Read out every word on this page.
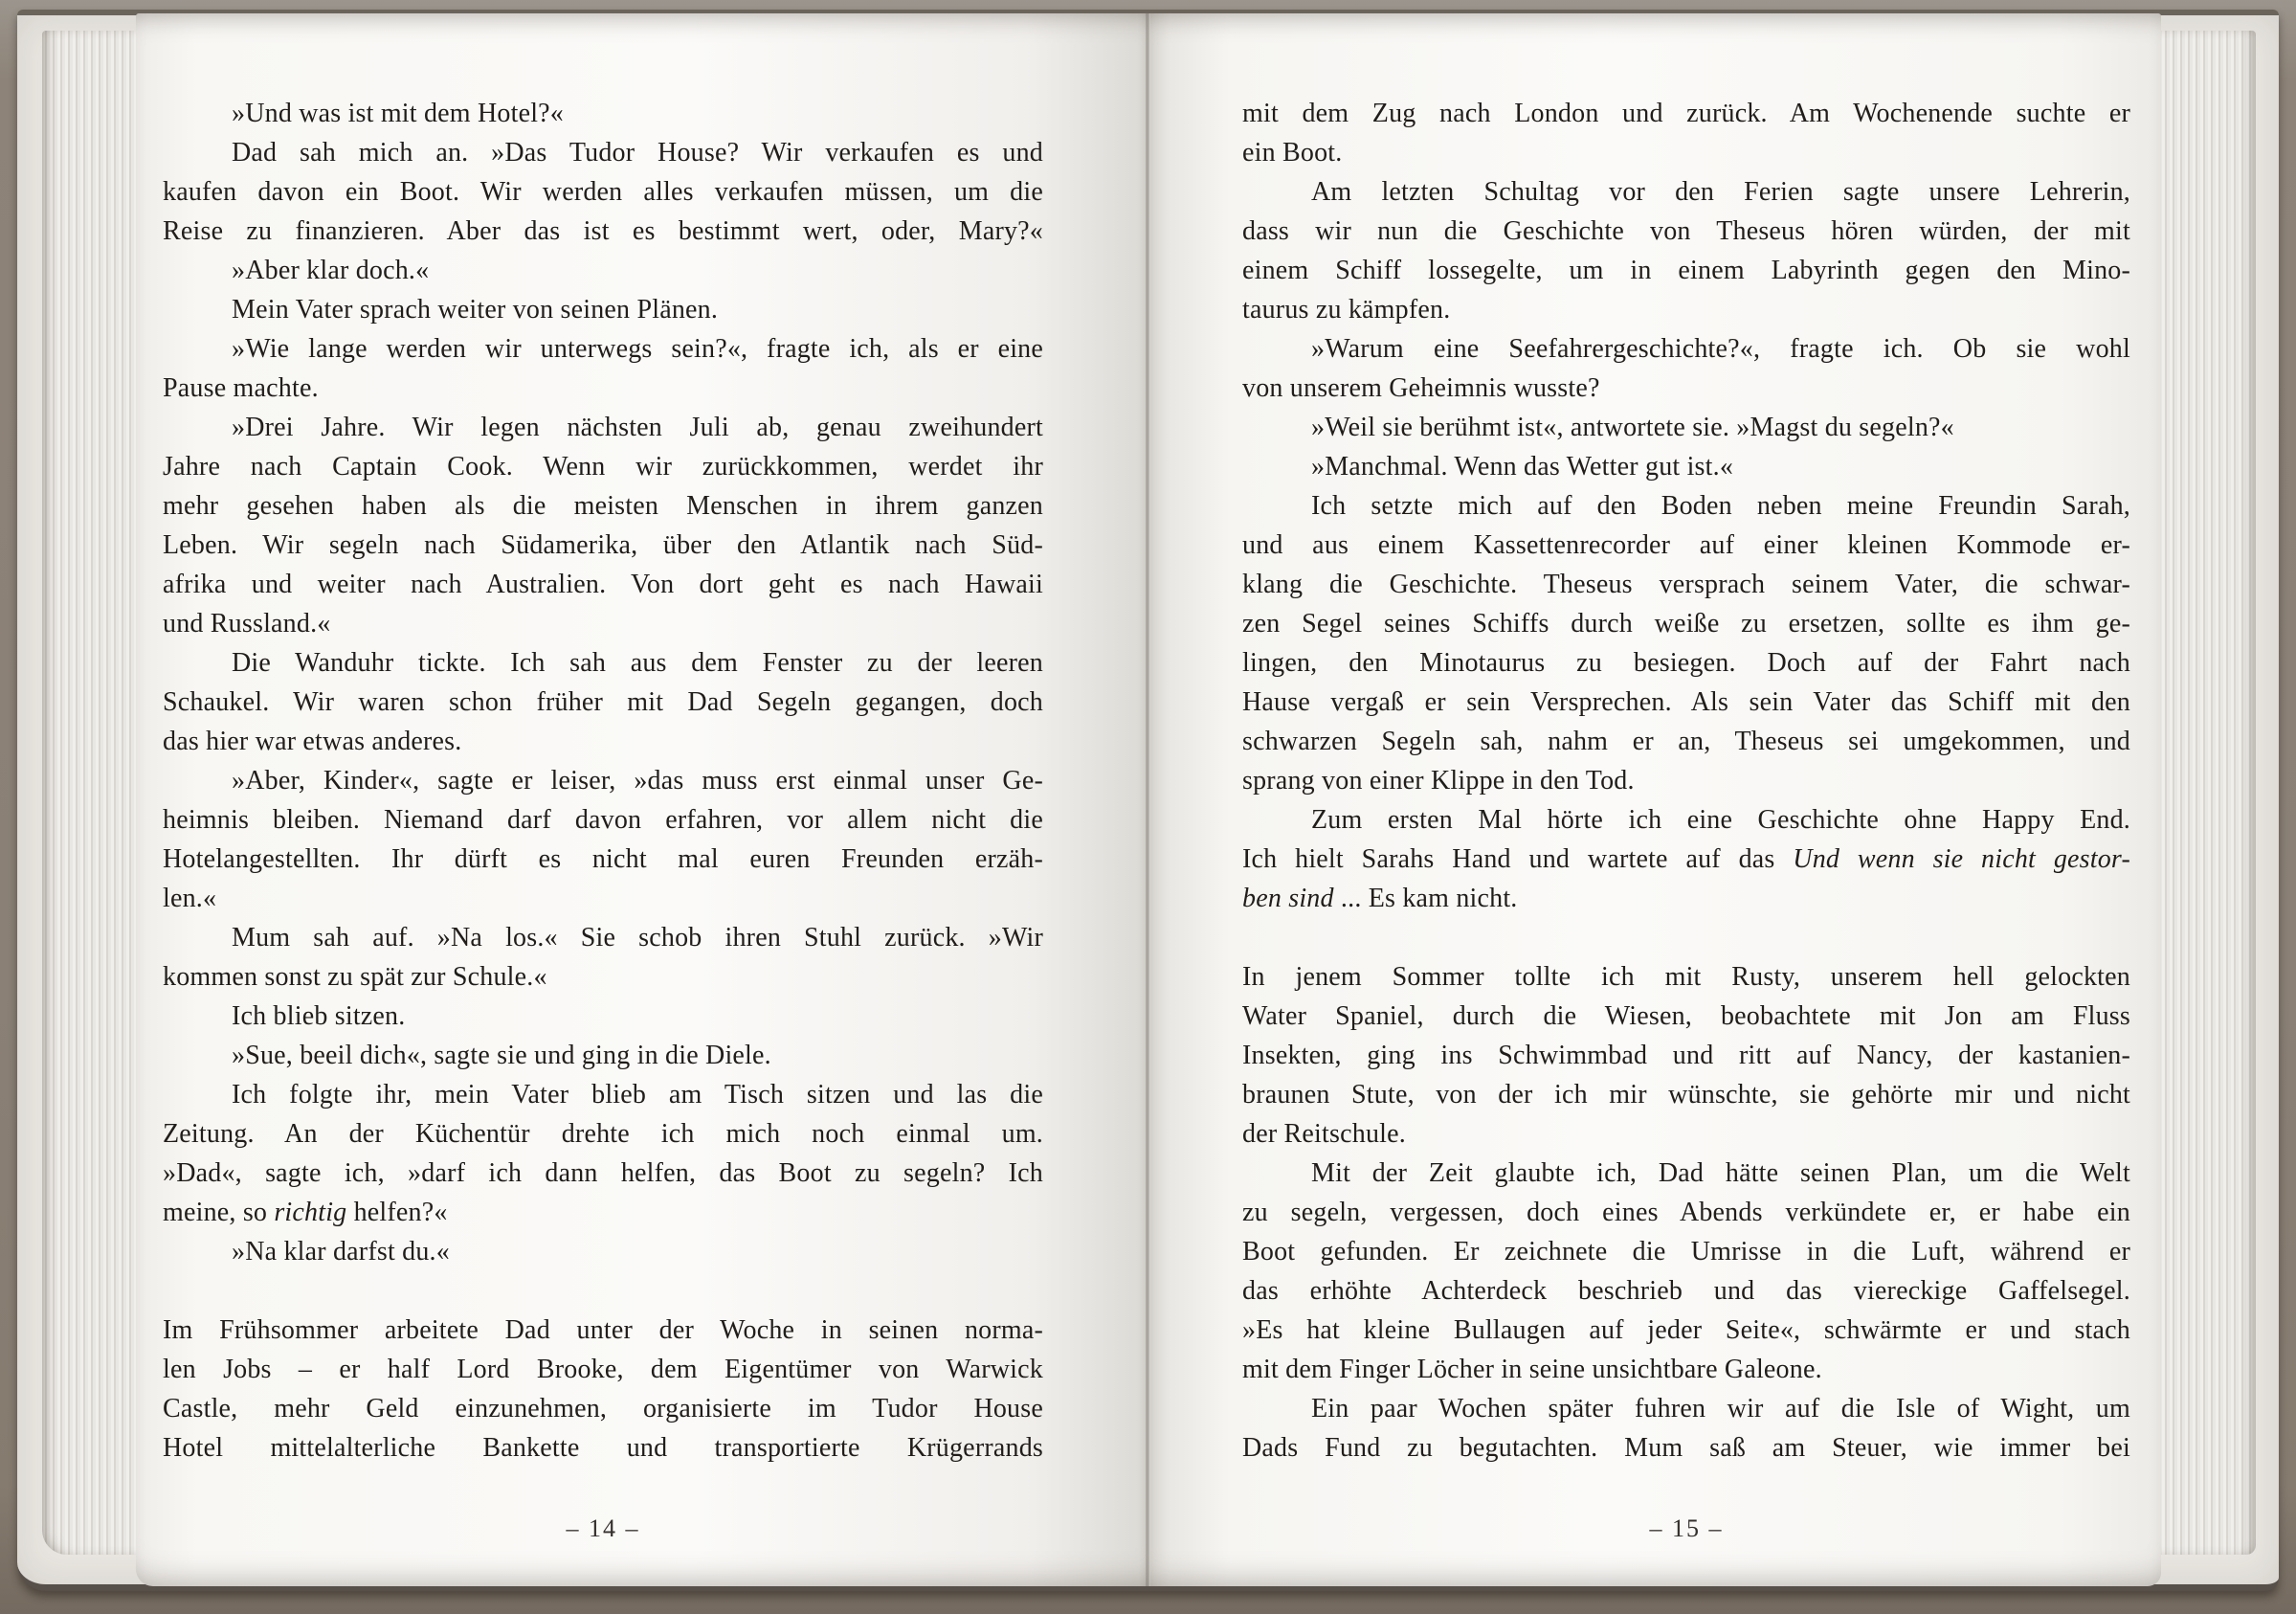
»Und was ist mit dem Hotel?«
Dad sah mich an. »Das Tudor House? Wir verkaufen es und
kaufen davon ein Boot. Wir werden alles verkaufen müssen, um die
Reise zu finanzieren. Aber das ist es bestimmt wert, oder, Mary?«
»Aber klar doch.«
Mein Vater sprach weiter von seinen Plänen.
»Wie lange werden wir unterwegs sein?«, fragte ich, als er eine
Pause machte.
»Drei Jahre. Wir legen nächsten Juli ab, genau zweihundert
Jahre nach Captain Cook. Wenn wir zurückkommen, werdet ihr
mehr gesehen haben als die meisten Menschen in ihrem ganzen
Leben. Wir segeln nach Südamerika, über den Atlantik nach Süd-
afrika und weiter nach Australien. Von dort geht es nach Hawaii
und Russland.«
Die Wanduhr tickte. Ich sah aus dem Fenster zu der leeren
Schaukel. Wir waren schon früher mit Dad Segeln gegangen, doch
das hier war etwas anderes.
»Aber, Kinder«, sagte er leiser, »das muss erst einmal unser Ge-
heimnis bleiben. Niemand darf davon erfahren, vor allem nicht die
Hotelangestellten. Ihr dürft es nicht mal euren Freunden erzäh-
len.«
Mum sah auf. »Na los.« Sie schob ihren Stuhl zurück. »Wir
kommen sonst zu spät zur Schule.«
Ich blieb sitzen.
»Sue, beeil dich«, sagte sie und ging in die Diele.
Ich folgte ihr, mein Vater blieb am Tisch sitzen und las die
Zeitung. An der Küchentür drehte ich mich noch einmal um.
»Dad«, sagte ich, »darf ich dann helfen, das Boot zu segeln? Ich
meine, so richtig helfen?«
»Na klar darfst du.«
Im Frühsommer arbeitete Dad unter der Woche in seinen norma-
len Jobs – er half Lord Brooke, dem Eigentümer von Warwick
Castle, mehr Geld einzunehmen, organisierte im Tudor House
Hotel mittelalterliche Bankette und transportierte Krügerrands
mit dem Zug nach London und zurück. Am Wochenende suchte er
ein Boot.
Am letzten Schultag vor den Ferien sagte unsere Lehrerin,
dass wir nun die Geschichte von Theseus hören würden, der mit
einem Schiff lossegelte, um in einem Labyrinth gegen den Mino-
taurus zu kämpfen.
»Warum eine Seefahrergeschichte?«, fragte ich. Ob sie wohl
von unserem Geheimnis wusste?
»Weil sie berühmt ist«, antwortete sie. »Magst du segeln?«
»Manchmal. Wenn das Wetter gut ist.«
Ich setzte mich auf den Boden neben meine Freundin Sarah,
und aus einem Kassettenrecorder auf einer kleinen Kommode er-
klang die Geschichte. Theseus versprach seinem Vater, die schwar-
zen Segel seines Schiffs durch weiße zu ersetzen, sollte es ihm ge-
lingen, den Minotaurus zu besiegen. Doch auf der Fahrt nach
Hause vergaß er sein Versprechen. Als sein Vater das Schiff mit den
schwarzen Segeln sah, nahm er an, Theseus sei umgekommen, und
sprang von einer Klippe in den Tod.
Zum ersten Mal hörte ich eine Geschichte ohne Happy End.
Ich hielt Sarahs Hand und wartete auf das Und wenn sie nicht gestor-
ben sind ... Es kam nicht.
In jenem Sommer tollte ich mit Rusty, unserem hell gelockten
Water Spaniel, durch die Wiesen, beobachtete mit Jon am Fluss
Insekten, ging ins Schwimmbad und ritt auf Nancy, der kastanien-
braunen Stute, von der ich mir wünschte, sie gehörte mir und nicht
der Reitschule.
Mit der Zeit glaubte ich, Dad hätte seinen Plan, um die Welt
zu segeln, vergessen, doch eines Abends verkündete er, er habe ein
Boot gefunden. Er zeichnete die Umrisse in die Luft, während er
das erhöhte Achterdeck beschrieb und das viereckige Gaffelsegel.
»Es hat kleine Bullaugen auf jeder Seite«, schwärmte er und stach
mit dem Finger Löcher in seine unsichtbare Galeone.
Ein paar Wochen später fuhren wir auf die Isle of Wight, um
Dads Fund zu begutachten. Mum saß am Steuer, wie immer bei
– 14 –	– 15 –
